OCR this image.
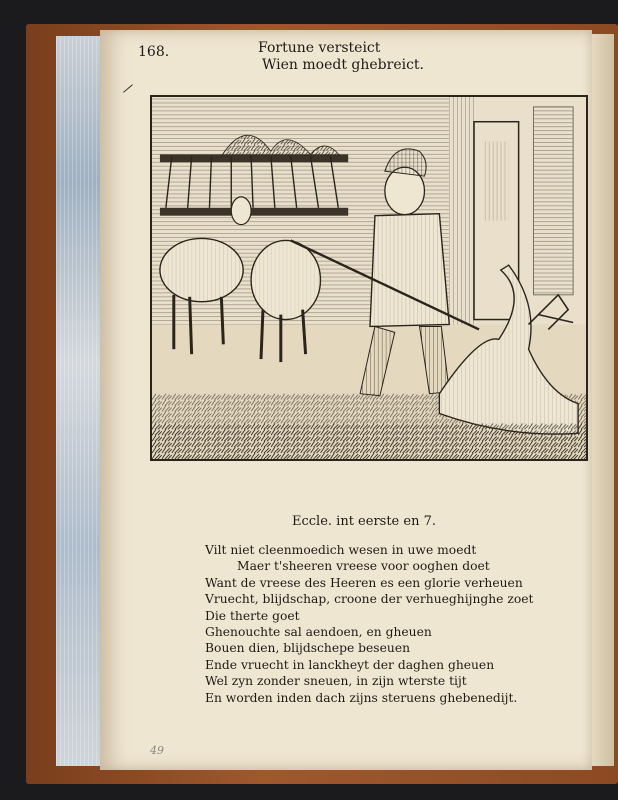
168.	Fortune versteict
Wien moedt ghebreict.
Eccle. int eerste en 7.
Vilt niet cleenmoedich wesen in uwe moedt
Maer t'sheeren vreese voor ooghen doet
Want de vreese des Heeren es een glorie verheuen
Vruecht, blijdschap, croone der verhueghijnghe zoet
Die therte goet
Ghenouchte sal aendoen, en gheuen
Bouen dien, blijdschepe beseuen
Ende vruecht in lanckheyt der daghen gheuen
Wel zyn zonder sneuen, in zijn wterste tijt
En worden inden dach zijns steruens ghebenedijt.
49
